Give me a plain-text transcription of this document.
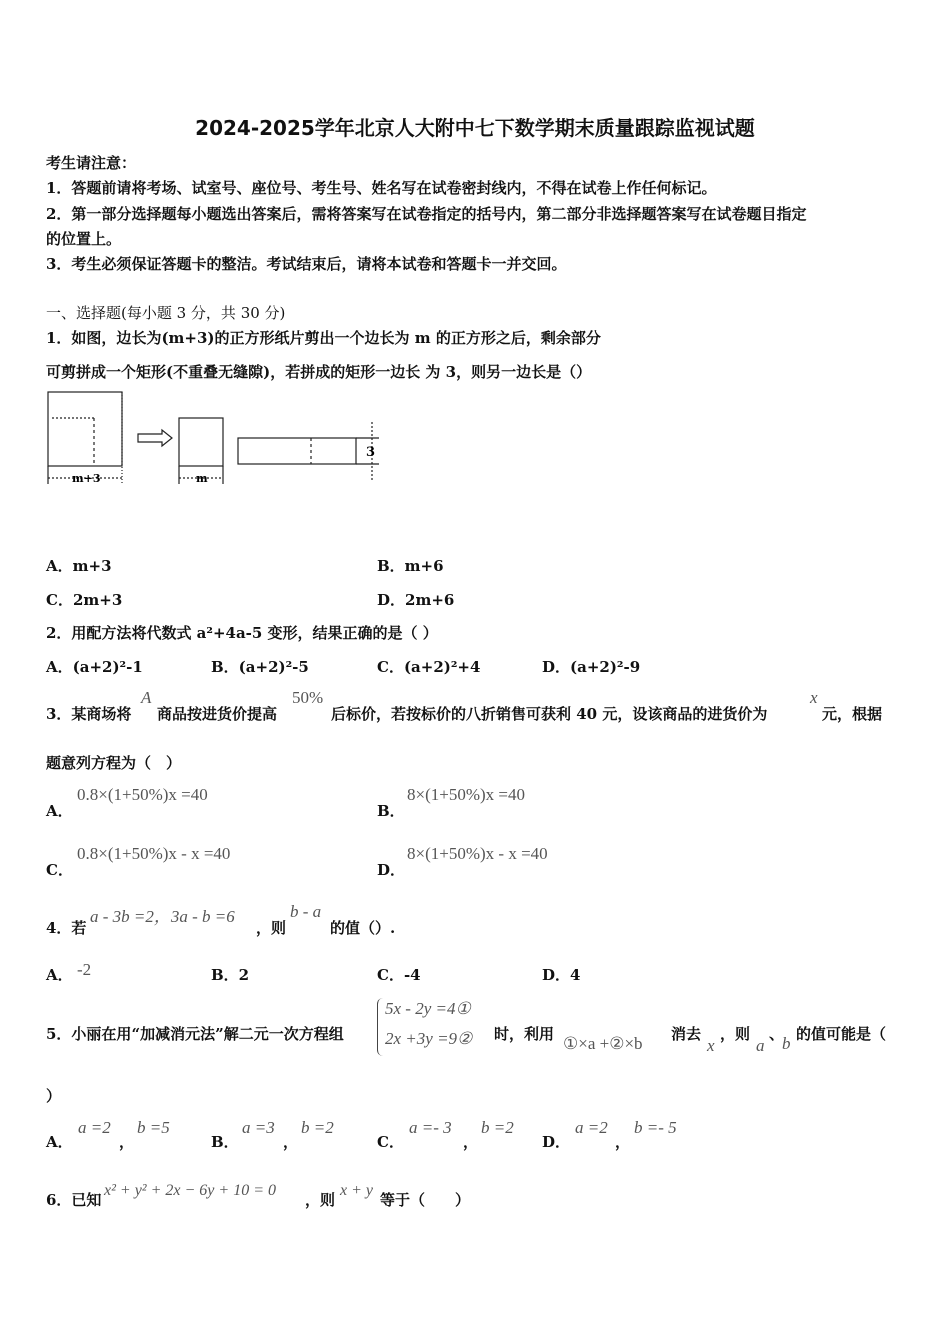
2024-2025学年北京人大附中七下数学期末质量跟踪监视试题
考生请注意：
1．答题前请将考场、试室号、座位号、考生号、姓名写在试卷密封线内，不得在试卷上作任何标记。
2．第一部分选择题每小题选出答案后，需将答案写在试卷指定的括号内，第二部分非选择题答案写在试卷题目指定
的位置上。
3．考生必须保证答题卡的整洁。考试结束后，请将本试卷和答题卡一并交回。
一、选择题(每小题 3 分，共 30 分)
1．如图，边长为(m+3)的正方形纸片剪出一个边长为 m 的正方形之后，剩余部分
可剪拼成一个矩形(不重叠无缝隙)，若拼成的矩形一边长 为 3，则另一边长是（）
m+3	m
3
A．m+3	B．m+6
C．2m+3	D．2m+6
2．用配方法将代数式 a²+4a-5 变形，结果正确的是（ ）
A．(a+2)²-1	B．(a+2)²-5	C．(a+2)²+4	D．(a+2)²-9
3．某商场将
A
商品按进货价提高
50%
后标价，若按标价的八折销售可获利 40 元，设该商品的进货价为
x
元，根据
题意列方程为（　）
A．
0.8×(1+50%)x =40
B．
8×(1+50%)x =40
C．
0.8×(1+50%)x - x =40
D．
8×(1+50%)x - x =40
4．若
a - 3b =2，3a - b =6
，则
b - a
的值（）.
A． -2	B．2	C．-4	D．4
5．小丽在用“加减消元法”解二元一次方程组
5x - 2y =4①
2x +3y =9② 时，利用 ①×a +②×b 消去
x
，则
a
、
b 的值可能是（
）
A．
a =2
，
b =5
B．
a =3
，
b =2
C．
a =- 3
，
b =2
D．
a =2
，
b =- 5
6．已知
x² + y² + 2x − 6y + 10 = 0
，则
x + y
等于（　　）
